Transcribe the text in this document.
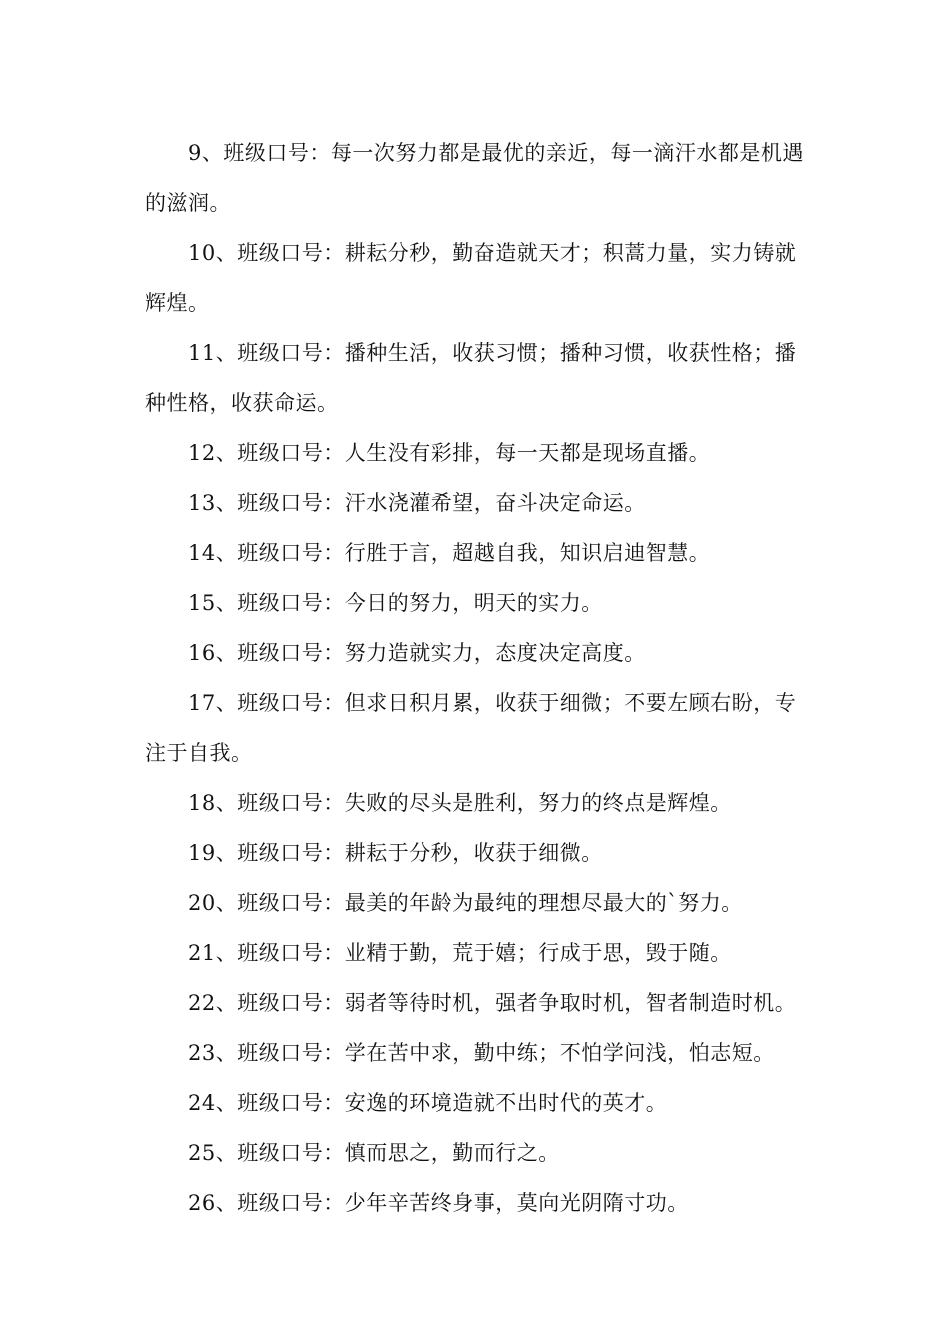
9、班级口号：每一次努力都是最优的亲近，每一滴汗水都是机遇的滋润。

10、班级口号：耕耘分秒，勤奋造就天才；积蒿力量，实力铸就辉煌。

11、班级口号：播种生活，收获习惯；播种习惯，收获性格；播种性格，收获命运。

12、班级口号：人生没有彩排，每一天都是现场直播。

13、班级口号：汗水浇灌希望，奋斗决定命运。

14、班级口号：行胜于言，超越自我，知识启迪智慧。

15、班级口号：今日的努力，明天的实力。

16、班级口号：努力造就实力，态度决定高度。

17、班级口号：但求日积月累，收获于细微；不要左顾右盼，专注于自我。

18、班级口号：失败的尽头是胜利，努力的终点是辉煌。

19、班级口号：耕耘于分秒，收获于细微。

20、班级口号：最美的年龄为最纯的理想尽最大的`努力。

21、班级口号：业精于勤，荒于嬉；行成于思，毁于随。

22、班级口号：弱者等待时机，强者争取时机，智者制造时机。

23、班级口号：学在苦中求，勤中练；不怕学问浅，怕志短。

24、班级口号：安逸的环境造就不出时代的英才。

25、班级口号：慎而思之，勤而行之。

26、班级口号：少年辛苦终身事，莫向光阴隋寸功。
